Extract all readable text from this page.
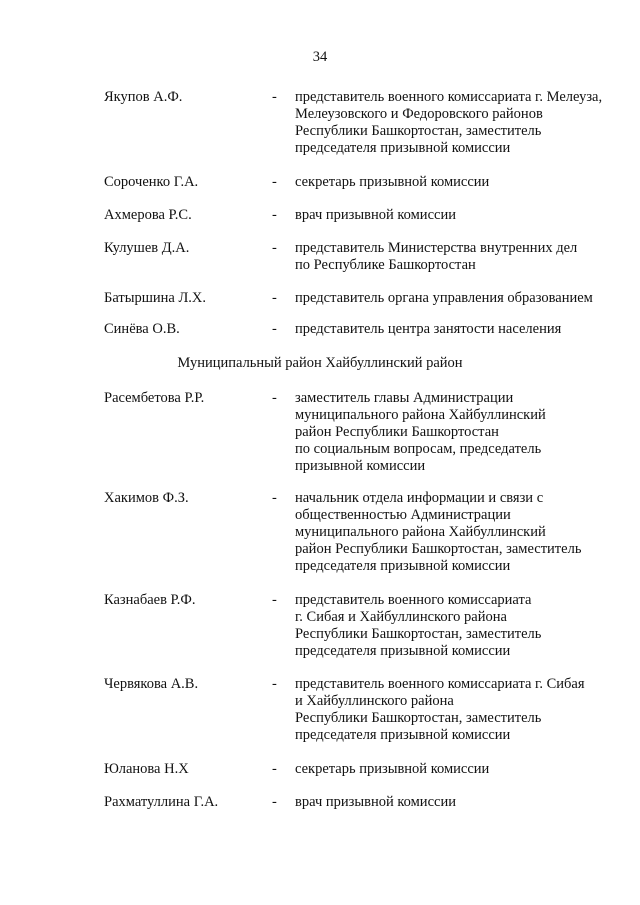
34
Якупов А.Ф.	- представитель военного комиссариата г. Мелеуза,
Мелеузовского и Федоровского районов
Республики Башкортостан, заместитель
председателя призывной комиссии
Сороченко Г.А.	- секретарь призывной комиссии
Ахмерова Р.С.	- врач призывной комиссии
Кулушев Д.А.	- представитель Министерства внутренних дел
по Республике Башкортостан
Батыршина Л.Х.	- представитель органа управления образованием
Синёва О.В.	- представитель центра занятости населения
Муниципальный район Хайбуллинский район
Расембетова Р.Р.	- заместитель главы Администрации
муниципального района Хайбуллинский
район Республики Башкортостан
по социальным вопросам, председатель
призывной комиссии
Хакимов Ф.З.	- начальник отдела информации и связи с
общественностью Администрации
муниципального района Хайбуллинский
район Республики Башкортостан, заместитель
председателя призывной комиссии
Казнабаев Р.Ф.	- представитель военного комиссариата
г. Сибая и Хайбуллинского района
Республики Башкортостан, заместитель
председателя призывной комиссии
Червякова А.В.	- представитель военного комиссариата г. Сибая
и Хайбуллинского района
Республики Башкортостан, заместитель
председателя призывной комиссии
Юланова Н.Х	- секретарь призывной комиссии
Рахматуллина Г.А.	- врач призывной комиссии
